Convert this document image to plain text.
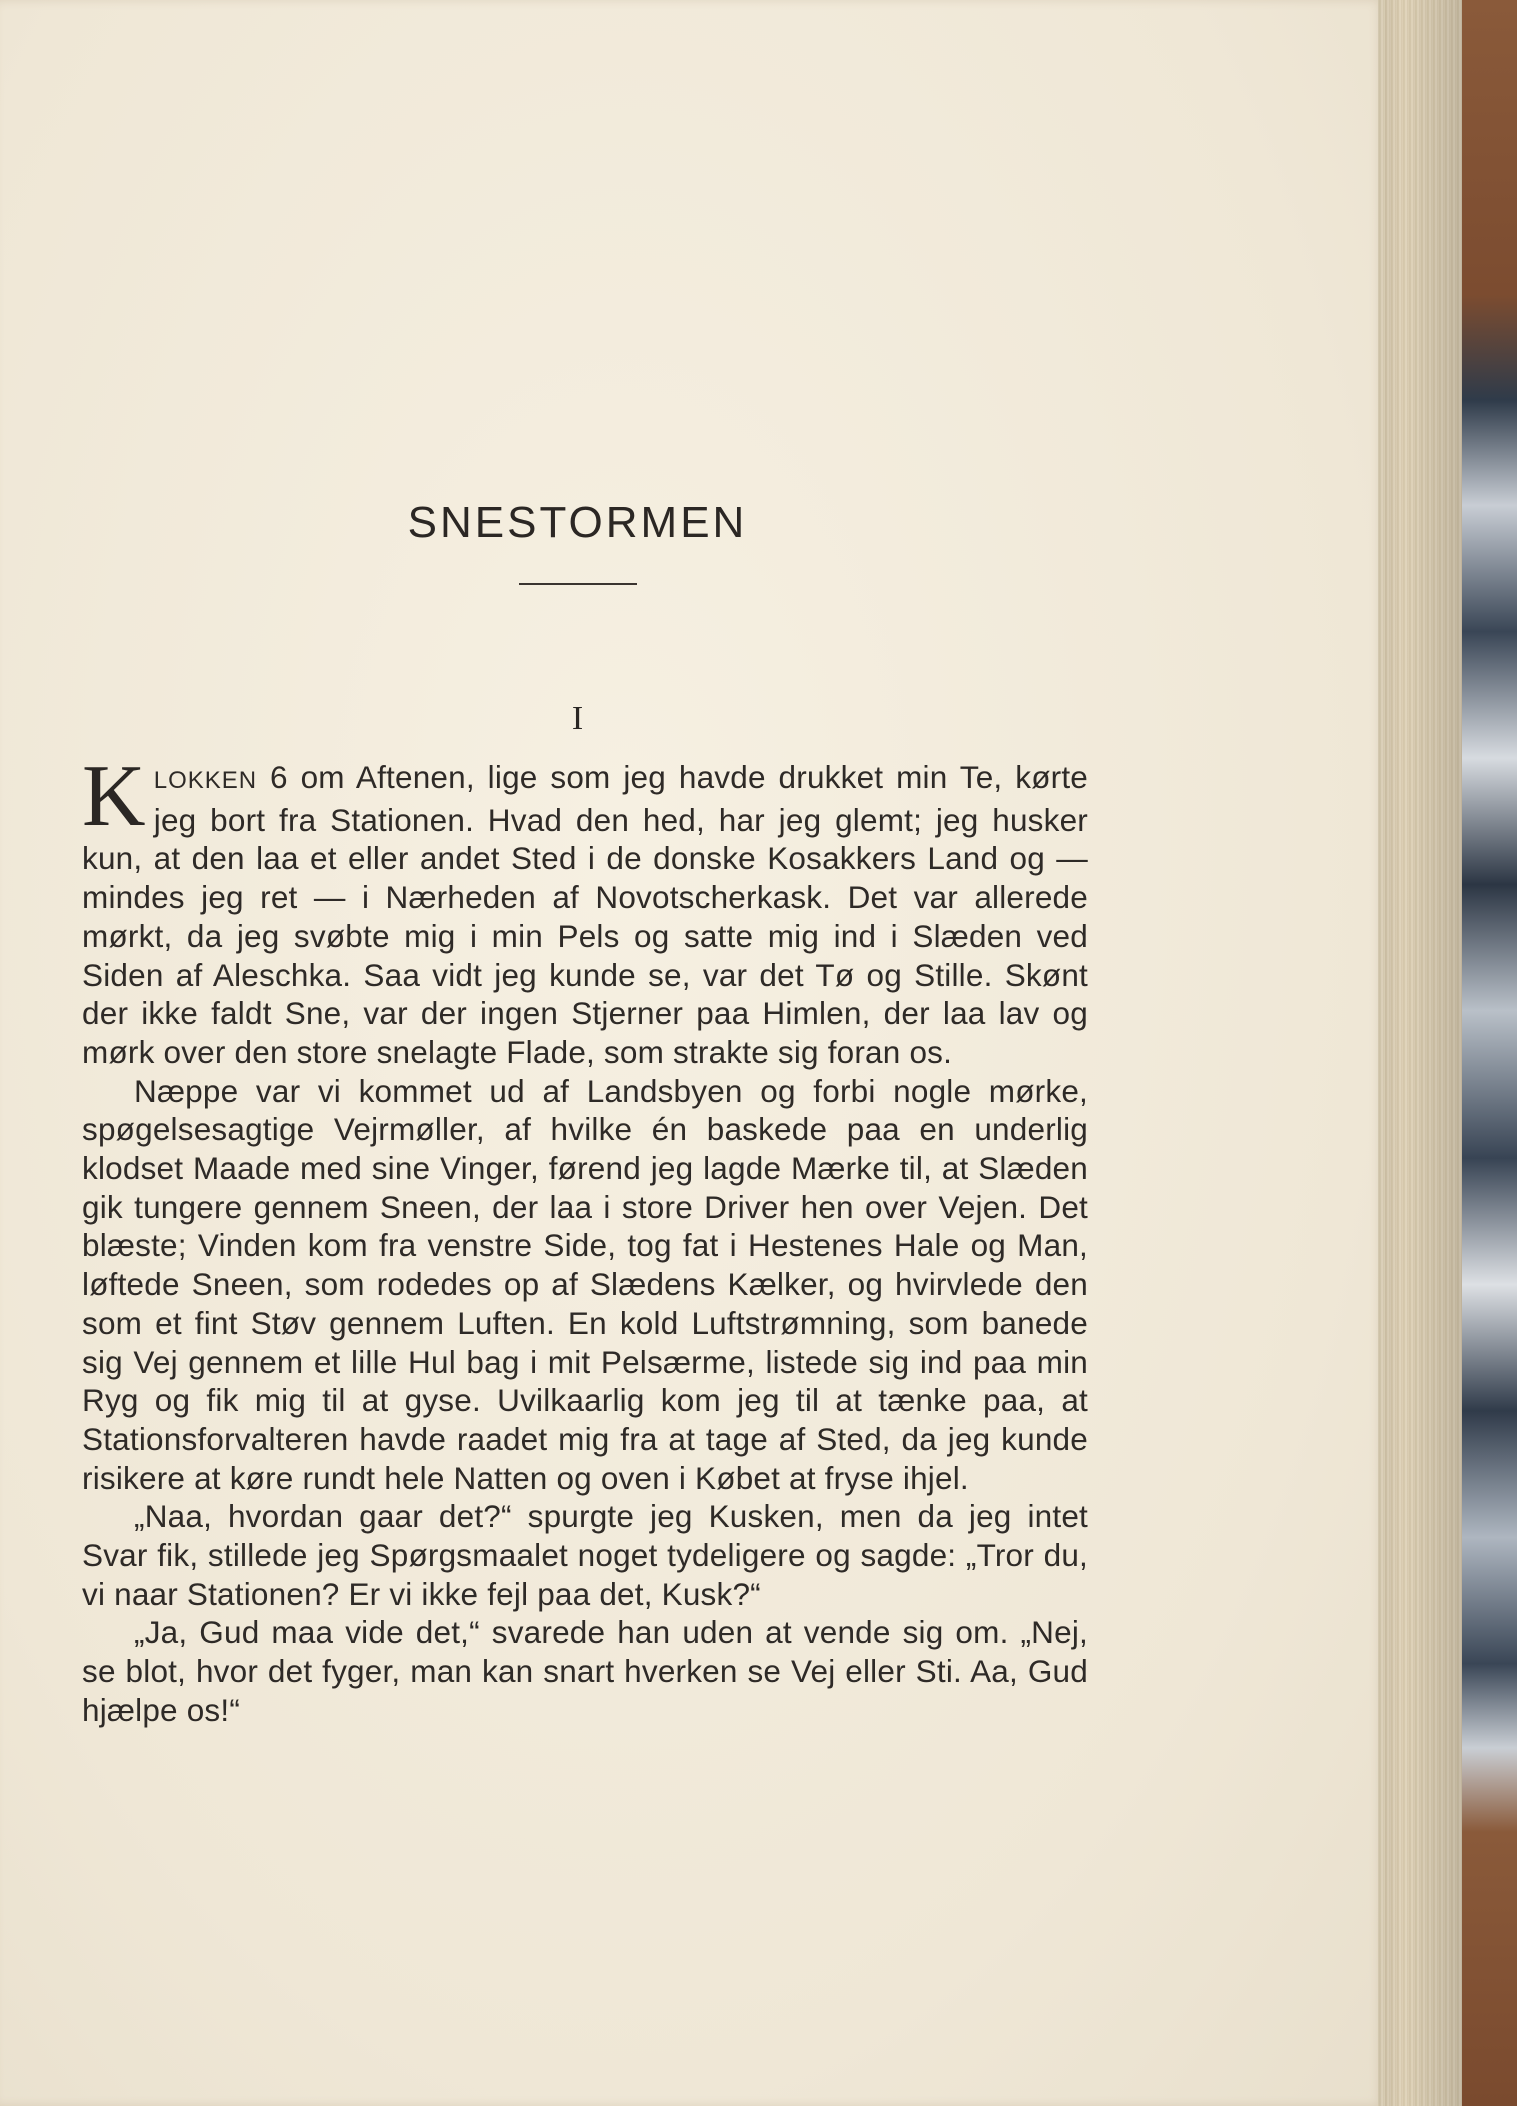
SNESTORMEN
I

KLOKKEN 6 om Aftenen, lige som jeg havde drukket min Te, kørte jeg bort fra Stationen. Hvad den hed, har jeg glemt; jeg husker kun, at den laa et eller andet Sted i de donske Kosakkers Land og — mindes jeg ret — i Nærheden af Novotscherkask. Det var allerede mørkt, da jeg svøbte mig i min Pels og satte mig ind i Slæden ved Siden af Aleschka. Saa vidt jeg kunde se, var det Tø og Stille. Skønt der ikke faldt Sne, var der ingen Stjerner paa Himlen, der laa lav og mørk over den store snelagte Flade, som strakte sig foran os.

Næppe var vi kommet ud af Landsbyen og forbi nogle mørke, spøgelsesagtige Vejrmøller, af hvilke én baskede paa en underlig klodset Maade med sine Vinger, førend jeg lagde Mærke til, at Slæden gik tungere gennem Sneen, der laa i store Driver hen over Vejen. Det blæste; Vinden kom fra venstre Side, tog fat i Hestenes Hale og Man, løftede Sneen, som rodedes op af Slædens Kælker, og hvirvlede den som et fint Støv gennem Luften. En kold Luftstrømning, som banede sig Vej gennem et lille Hul bag i mit Pelsærme, listede sig ind paa min Ryg og fik mig til at gyse. Uvilkaarlig kom jeg til at tænke paa, at Stationsforvalteren havde raadet mig fra at tage af Sted, da jeg kunde risikere at køre rundt hele Natten og oven i Købet at fryse ihjel.

„Naa, hvordan gaar det?“ spurgte jeg Kusken, men da jeg intet Svar fik, stillede jeg Spørgsmaalet noget tydeligere og sagde: „Tror du, vi naar Stationen? Er vi ikke fejl paa det, Kusk?“

„Ja, Gud maa vide det,“ svarede han uden at vende sig om. „Nej, se blot, hvor det fyger, man kan snart hverken se Vej eller Sti. Aa, Gud hjælpe os!“
